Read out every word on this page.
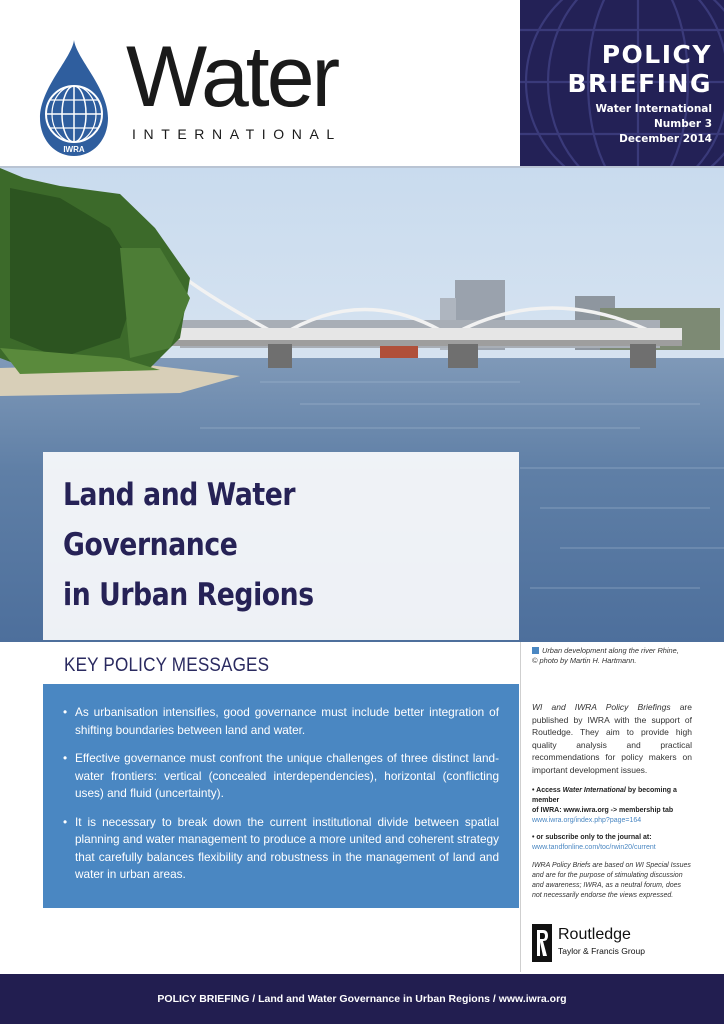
IWRA
Water
INTERNATIONAL
POLICY
BRIEFING
Water International
Number 3
December 2014
Land and Water
Governance
in Urban Regions
KEY POLICY MESSAGES
• As urbanisation intensifies, good governance must include better integration of shifting boundaries between land and water.
• Effective governance must confront the unique challenges of three distinct land-water frontiers: vertical (concealed interdependencies), horizontal (conflicting uses) and fluid (uncertainty).
• It is necessary to break down the current institutional divide between spatial planning and water management to produce a more united and coherent strategy that carefully balances flexibility and robustness in the management of land and water in urban areas.
Urban development along the river Rhine,
© photo by Martin H. Hartmann.
WI and IWRA Policy Briefings are published by IWRA with the support of Routledge. They aim to provide high quality analysis and practical recommendations for policy makers on important development issues.
• Access Water International by becoming a member
of IWRA: www.iwra.org -> membership tab
www.iwra.org/index.php?page=164
• or subscribe only to the journal at:
www.tandfonline.com/toc/rwin20/current
IWRA Policy Briefs are based on WI Special Issues and are for the purpose of stimulating discussion and awareness; IWRA, as a neutral forum, does not necessarily endorse the views expressed.
Routledge
Taylor & Francis Group
POLICY BRIEFING / Land and Water Governance in Urban Regions / www.iwra.org
